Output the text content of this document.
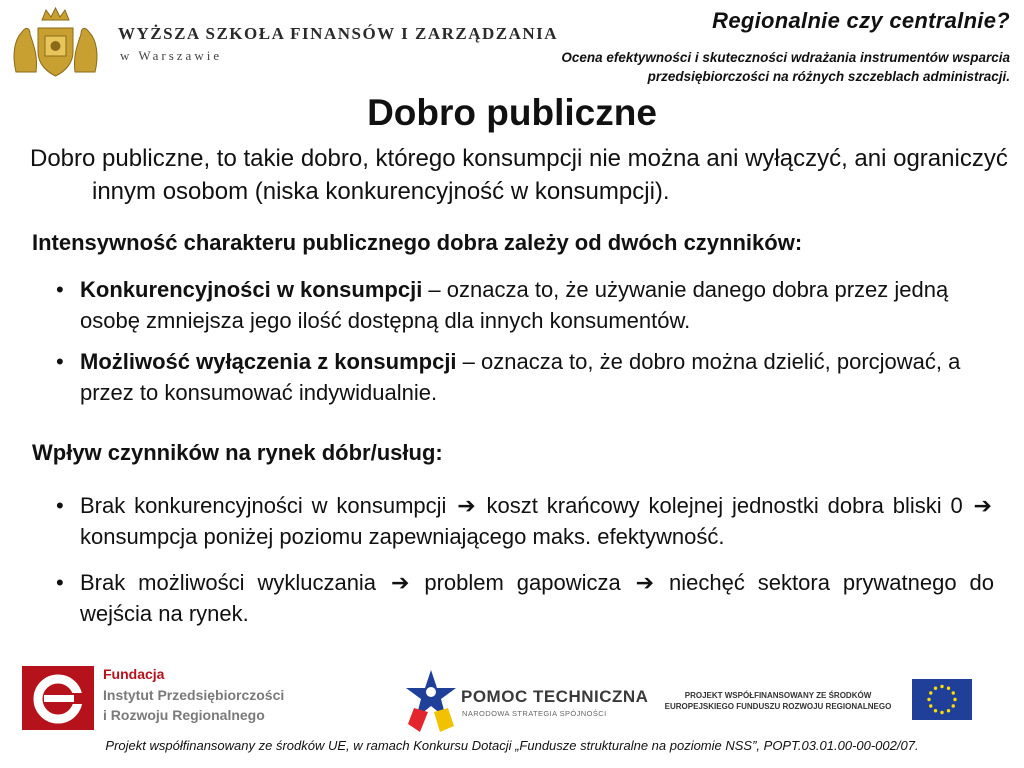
WYŻSZA SZKOŁA FINANSÓW I ZARZĄDZANIA
w Warszawie
Regionalnie czy centralnie?
Ocena efektywności i skuteczności wdrażania instrumentów wsparcia
przedsiębiorczości na różnych szczeblach administracji.
Dobro publiczne
Dobro publiczne, to takie dobro, którego konsumpcji nie można ani wyłączyć, ani ograniczyć innym osobom (niska konkurencyjność w konsumpcji).
Intensywność charakteru publicznego dobra zależy od dwóch czynników:
• Konkurencyjności w konsumpcji – oznacza to, że używanie danego dobra przez jedną osobę zmniejsza jego ilość dostępną dla innych konsumentów.
• Możliwość wyłączenia z konsumpcji – oznacza to, że dobro można dzielić, porcjować, a przez to konsumować indywidualnie.
Wpływ czynników na rynek dóbr/usług:
• Brak konkurencyjności w konsumpcji ➔ koszt krańcowy kolejnej jednostki dobra bliski 0 ➔ konsumpcja poniżej poziomu zapewniającego maks. efektywność.
• Brak możliwości wykluczania ➔ problem gapowicza ➔ niechęć sektora prywatnego do wejścia na rynek.
Fundacja
Instytut Przedsiębiorczości
i Rozwoju Regionalnego
POMOC TECHNICZNA
NARODOWA STRATEGIA SPÓJNOŚCI
PROJEKT WSPÓŁFINANSOWANY ZE ŚRODKÓW
EUROPEJSKIEGO FUNDUSZU ROZWOJU REGIONALNEGO
Projekt współfinansowany ze środków UE, w ramach Konkursu Dotacji „Fundusze strukturalne na poziomie NSS”, POPT.03.01.00-00-002/07.
